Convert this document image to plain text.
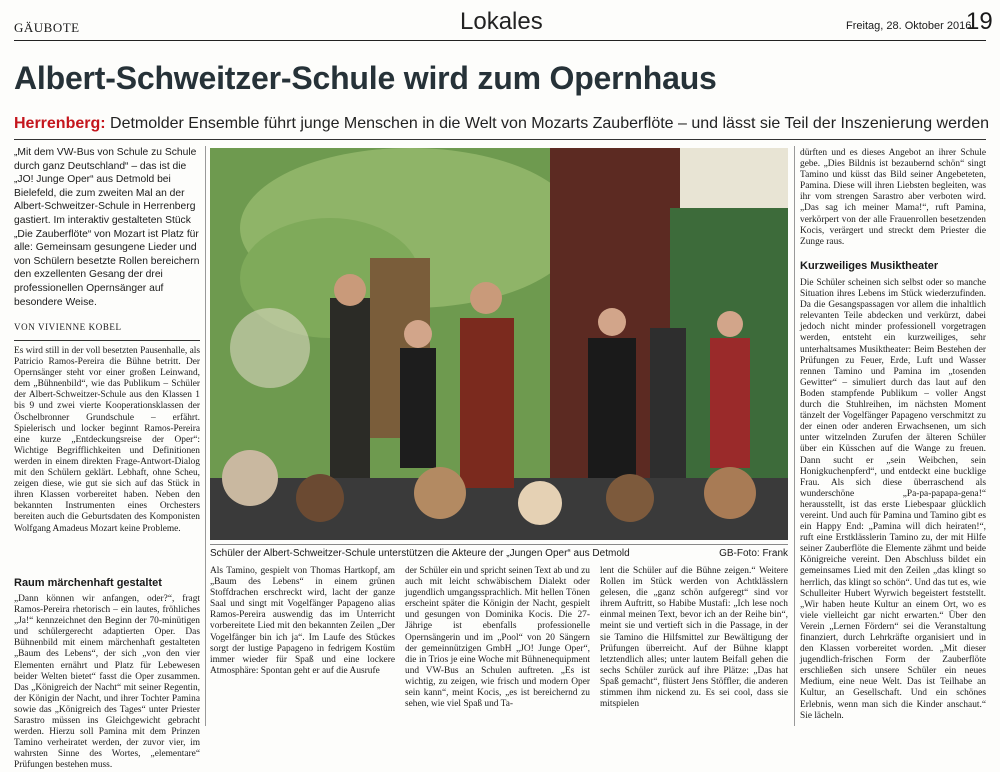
GÄUBOTE	Lokales	Freitag, 28. Oktober 2016
19
Albert-Schweitzer-Schule wird zum Opernhaus
Herrenberg: Detmolder Ensemble führt junge Menschen in die Welt von Mozarts Zauberflöte – und lässt sie Teil der Inszenierung werden
„Mit dem VW-Bus von Schule zu Schule durch ganz Deutschland“ – das ist die „JO! Junge Oper“ aus Detmold bei Bielefeld, die zum zweiten Mal an der Albert-Schweitzer-Schule in Herrenberg gastiert. Im interaktiv gestalteten Stück „Die Zauberflöte“ von Mozart ist Platz für alle: Gemeinsam gesungene Lieder und von Schülern besetzte Rollen bereichern den exzellenten Gesang der drei professionellen Opernsänger auf besondere Weise.
VON VIVIENNE KOBEL
Es wird still in der voll besetzten Pausenhalle, als Patricio Ramos-Pereira die Bühne betritt. Der Opernsänger steht vor einer großen Leinwand, dem „Bühnenbild“, wie das Publikum – Schüler der Albert-Schweitzer-Schule aus den Klassen 1 bis 9 und zwei vierte Kooperationsklassen der Öschelbronner Grundschule – erfährt. Spielerisch und locker beginnt Ramos-Pereira eine kurze „Entdeckungsreise der Oper“: Wichtige Begrifflichkeiten und Definitionen werden in einem direkten Frage-Antwort-Dialog mit den Schülern geklärt. Lebhaft, ohne Scheu, zeigen diese, wie gut sie sich auf das Stück in ihren Klassen vorbereitet haben. Neben den bekannten Instrumenten eines Orchesters bereiten auch die Geburtsdaten des Komponisten Wolfgang Amadeus Mozart keine Probleme.
Raum märchenhaft gestaltet
„Dann können wir anfangen, oder?“, fragt Ramos-Pereira rhetorisch – ein lautes, fröhliches „Ja!“ kennzeichnet den Beginn der 70-minütigen und schülergerecht adaptierten Oper. Das Bühnenbild mit einem märchenhaft gestalteten „Baum des Lebens“, der sich „von den vier Elementen ernährt und Platz für Lebewesen beider Welten bietet“ fasst die Oper zusammen. Das „Königreich der Nacht“ mit seiner Regentin, der Königin der Nacht, und ihrer Tochter Pamina sowie das „Königreich des Tages“ unter Priester Sarastro müssen ins Gleichgewicht gebracht werden. Hierzu soll Pamina mit dem Prinzen Tamino verheiratet werden, der zuvor vier, im wahrsten Sinne des Wortes, „elementare“ Prüfungen bestehen muss.
Schüler der Albert-Schweitzer-Schule unterstützen die Akteure der „Jungen Oper“ aus Detmold	GB-Foto: Frank
Als Tamino, gespielt von Thomas Hartkopf, am „Baum des Lebens“ in einem grünen Stoffdrachen erschreckt wird, lacht der ganze Saal und singt mit Vogelfänger Papageno alias Ramos-Pereira auswendig das im Unterricht vorbereitete Lied mit den bekannten Zeilen „Der Vogelfänger bin ich ja“. Im Laufe des Stückes sorgt der lustige Papageno in fedrigem Kostüm immer wieder für Spaß und eine lockere Atmosphäre: Spontan geht er auf die Ausrufe
der Schüler ein und spricht seinen Text ab und zu auch mit leicht schwäbischem Dialekt oder jugendlich umgangssprachlich. Mit hellen Tönen erscheint später die Königin der Nacht, gespielt und gesungen von Dominika Kocis. Die 27-Jährige ist ebenfalls professionelle Opernsängerin und im „Pool“ von 20 Sängern der gemeinnützigen GmbH „JO! Junge Oper“, die in Trios je eine Woche mit Bühnenequipment und VW-Bus an Schulen auftreten. „Es ist wichtig, zu zeigen, wie frisch und modern Oper sein kann“, meint Kocis, „es ist bereichernd zu sehen, wie viel Spaß und Ta-
lent die Schüler auf die Bühne zeigen.“ Weitere Rollen im Stück werden von Achtklässlern gelesen, die „ganz schön aufgeregt“ sind vor ihrem Auftritt, so Habibe Mustafi: „Ich lese noch einmal meinen Text, bevor ich an der Reihe bin“, meint sie und vertieft sich in die Passage, in der sie Tamino die Hilfsmittel zur Bewältigung der Prüfungen überreicht. Auf der Bühne klappt letztendlich alles; unter lautem Beifall gehen die sechs Schüler zurück auf ihre Plätze: „Das hat Spaß gemacht“, flüstert Jens Stöffler, die anderen stimmen ihm nickend zu. Es sei cool, dass sie mitspielen
dürften und es dieses Angebot an ihrer Schule gebe. „Dies Bildnis ist bezaubernd schön“ singt Tamino und küsst das Bild seiner Angebeteten, Pamina. Diese will ihren Liebsten begleiten, was ihr vom strengen Sarastro aber verboten wird. „Das sag ich meiner Mama!“, ruft Pamina, verkörpert von der alle Frauenrollen besetzenden Kocis, verärgert und streckt dem Priester die Zunge raus.
Kurzweiliges Musiktheater
Die Schüler scheinen sich selbst oder so manche Situation ihres Lebens im Stück wiederzufinden. Da die Gesangspassagen vor allem die inhaltlich relevanten Teile abdecken und verkürzt, dabei jedoch nicht minder professionell vorgetragen werden, entsteht ein kurzweiliges, sehr unterhaltsames Musiktheater: Beim Bestehen der Prüfungen zu Feuer, Erde, Luft und Wasser rennen Tamino und Pamina im „tosenden Gewitter“ – simuliert durch das laut auf den Boden stampfende Publikum – voller Angst durch die Stuhlreihen, im nächsten Moment tänzelt der Vogelfänger Papageno verschmitzt zu der einen oder anderen Erwachsenen, um sich unter witzelnden Zurufen der älteren Schüler über ein Küsschen auf die Wange zu freuen. Dann sucht er „sein Weibchen, sein Honigkuchenpferd“, und entdeckt eine bucklige Frau. Als sich diese überraschend als wunderschöne „Pa-pa-papapa-gena!“ herausstellt, ist das erste Liebespaar glücklich vereint. Und auch für Pamina und Tamino gibt es ein Happy End: „Pamina will dich heiraten!“, ruft eine Erstklässlerin Tamino zu, der mit Hilfe seiner Zauberflöte die Elemente zähmt und beide Königreiche vereint. Den Abschluss bildet ein gemeinsames Lied mit den Zeilen „das klingt so herrlich, das klingt so schön“. Und das tut es, wie Schulleiter Hubert Wyrwich begeistert feststellt. „Wir haben heute Kultur an einem Ort, wo es viele vielleicht gar nicht erwarten.“ Über den Verein „Lernen Fördern“ sei die Veranstaltung finanziert, durch Lehrkräfte organisiert und in den Klassen vorbereitet worden. „Mit dieser jugendlich-frischen Form der Zauberflöte erschließen sich unsere Schüler ein neues Medium, eine neue Welt. Das ist Teilhabe an Kultur, an Gesellschaft. Und ein schönes Erlebnis, wenn man sich die Kinder anschaut.“ Sie lächeln.
